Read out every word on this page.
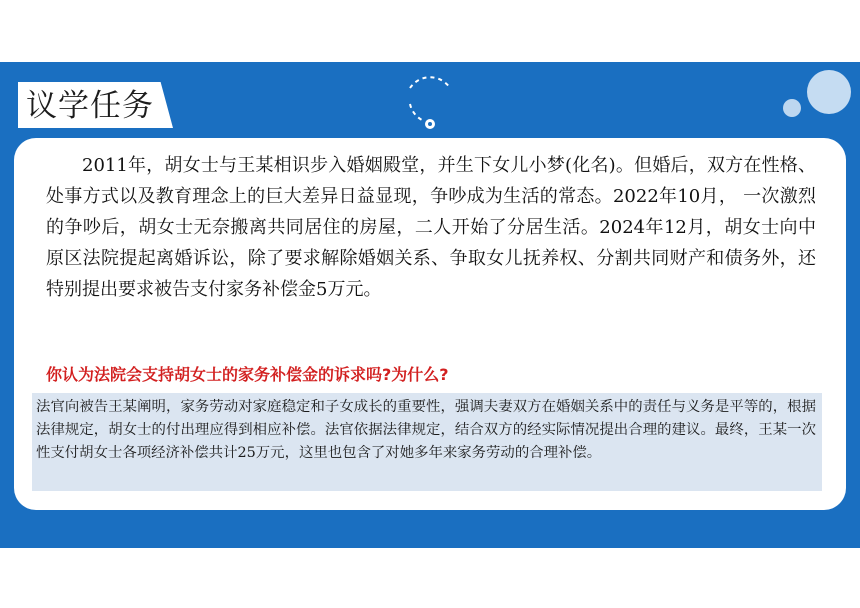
议学任务

2011年，胡女士与王某相识步入婚姻殿堂，并生下女儿小梦(化名)。但婚后，双方在性格、处事方式以及教育理念上的巨大差异日益显现，争吵成为生活的常态。2022年10月， 一次激烈的争吵后，胡女士无奈搬离共同居住的房屋，二人开始了分居生活。2024年12月，胡女士向中原区法院提起离婚诉讼，除了要求解除婚姻关系、争取女儿抚养权、分割共同财产和债务外，还特别提出要求被告支付家务补偿金5万元。

你认为法院会支持胡女士的家务补偿金的诉求吗?为什么?

法官向被告王某阐明，家务劳动对家庭稳定和子女成长的重要性，强调夫妻双方在婚姻关系中的责任与义务是平等的，根据法律规定，胡女士的付出理应得到相应补偿。法官依据法律规定，结合双方的经实际情况提出合理的建议。最终，王某一次性支付胡女士各项经济补偿共计25万元，这里也包含了对她多年来家务劳动的合理补偿。
